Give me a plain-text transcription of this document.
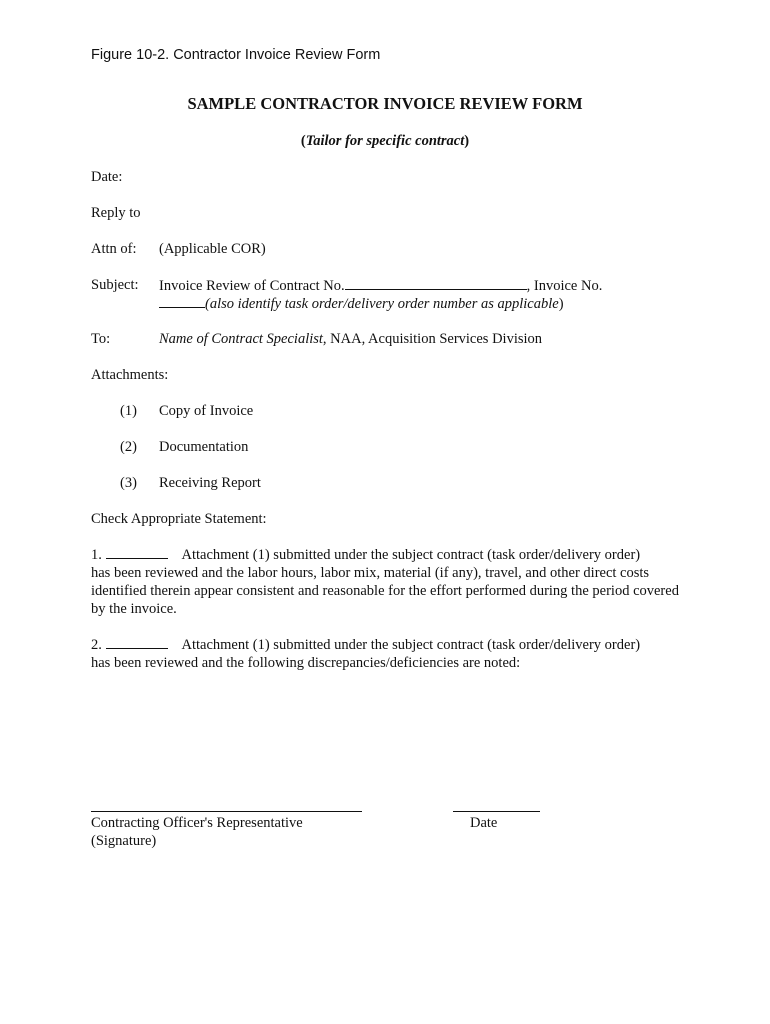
Figure 10-2. Contractor Invoice Review Form
SAMPLE CONTRACTOR INVOICE REVIEW FORM
(Tailor for specific contract)
Date:
Reply to
Attn of: (Applicable COR)
Subject: Invoice Review of Contract No.	, Invoice No.
(also identify task order/delivery order number as applicable)
To:	Name of Contract Specialist, NAA, Acquisition Services Division
Attachments:
(1) Copy of Invoice
(2) Documentation
(3) Receiving Report
Check Appropriate Statement:
1.	Attachment (1) submitted under the subject contract (task order/delivery order)
has been reviewed and the labor hours, labor mix, material (if any), travel, and other direct costs identified therein appear consistent and reasonable for the effort performed during the period covered by the invoice.
2.	Attachment (1) submitted under the subject contract (task order/delivery order)
has been reviewed and the following discrepancies/deficiencies are noted:
Contracting Officer's Representative
(Signature)
Date
